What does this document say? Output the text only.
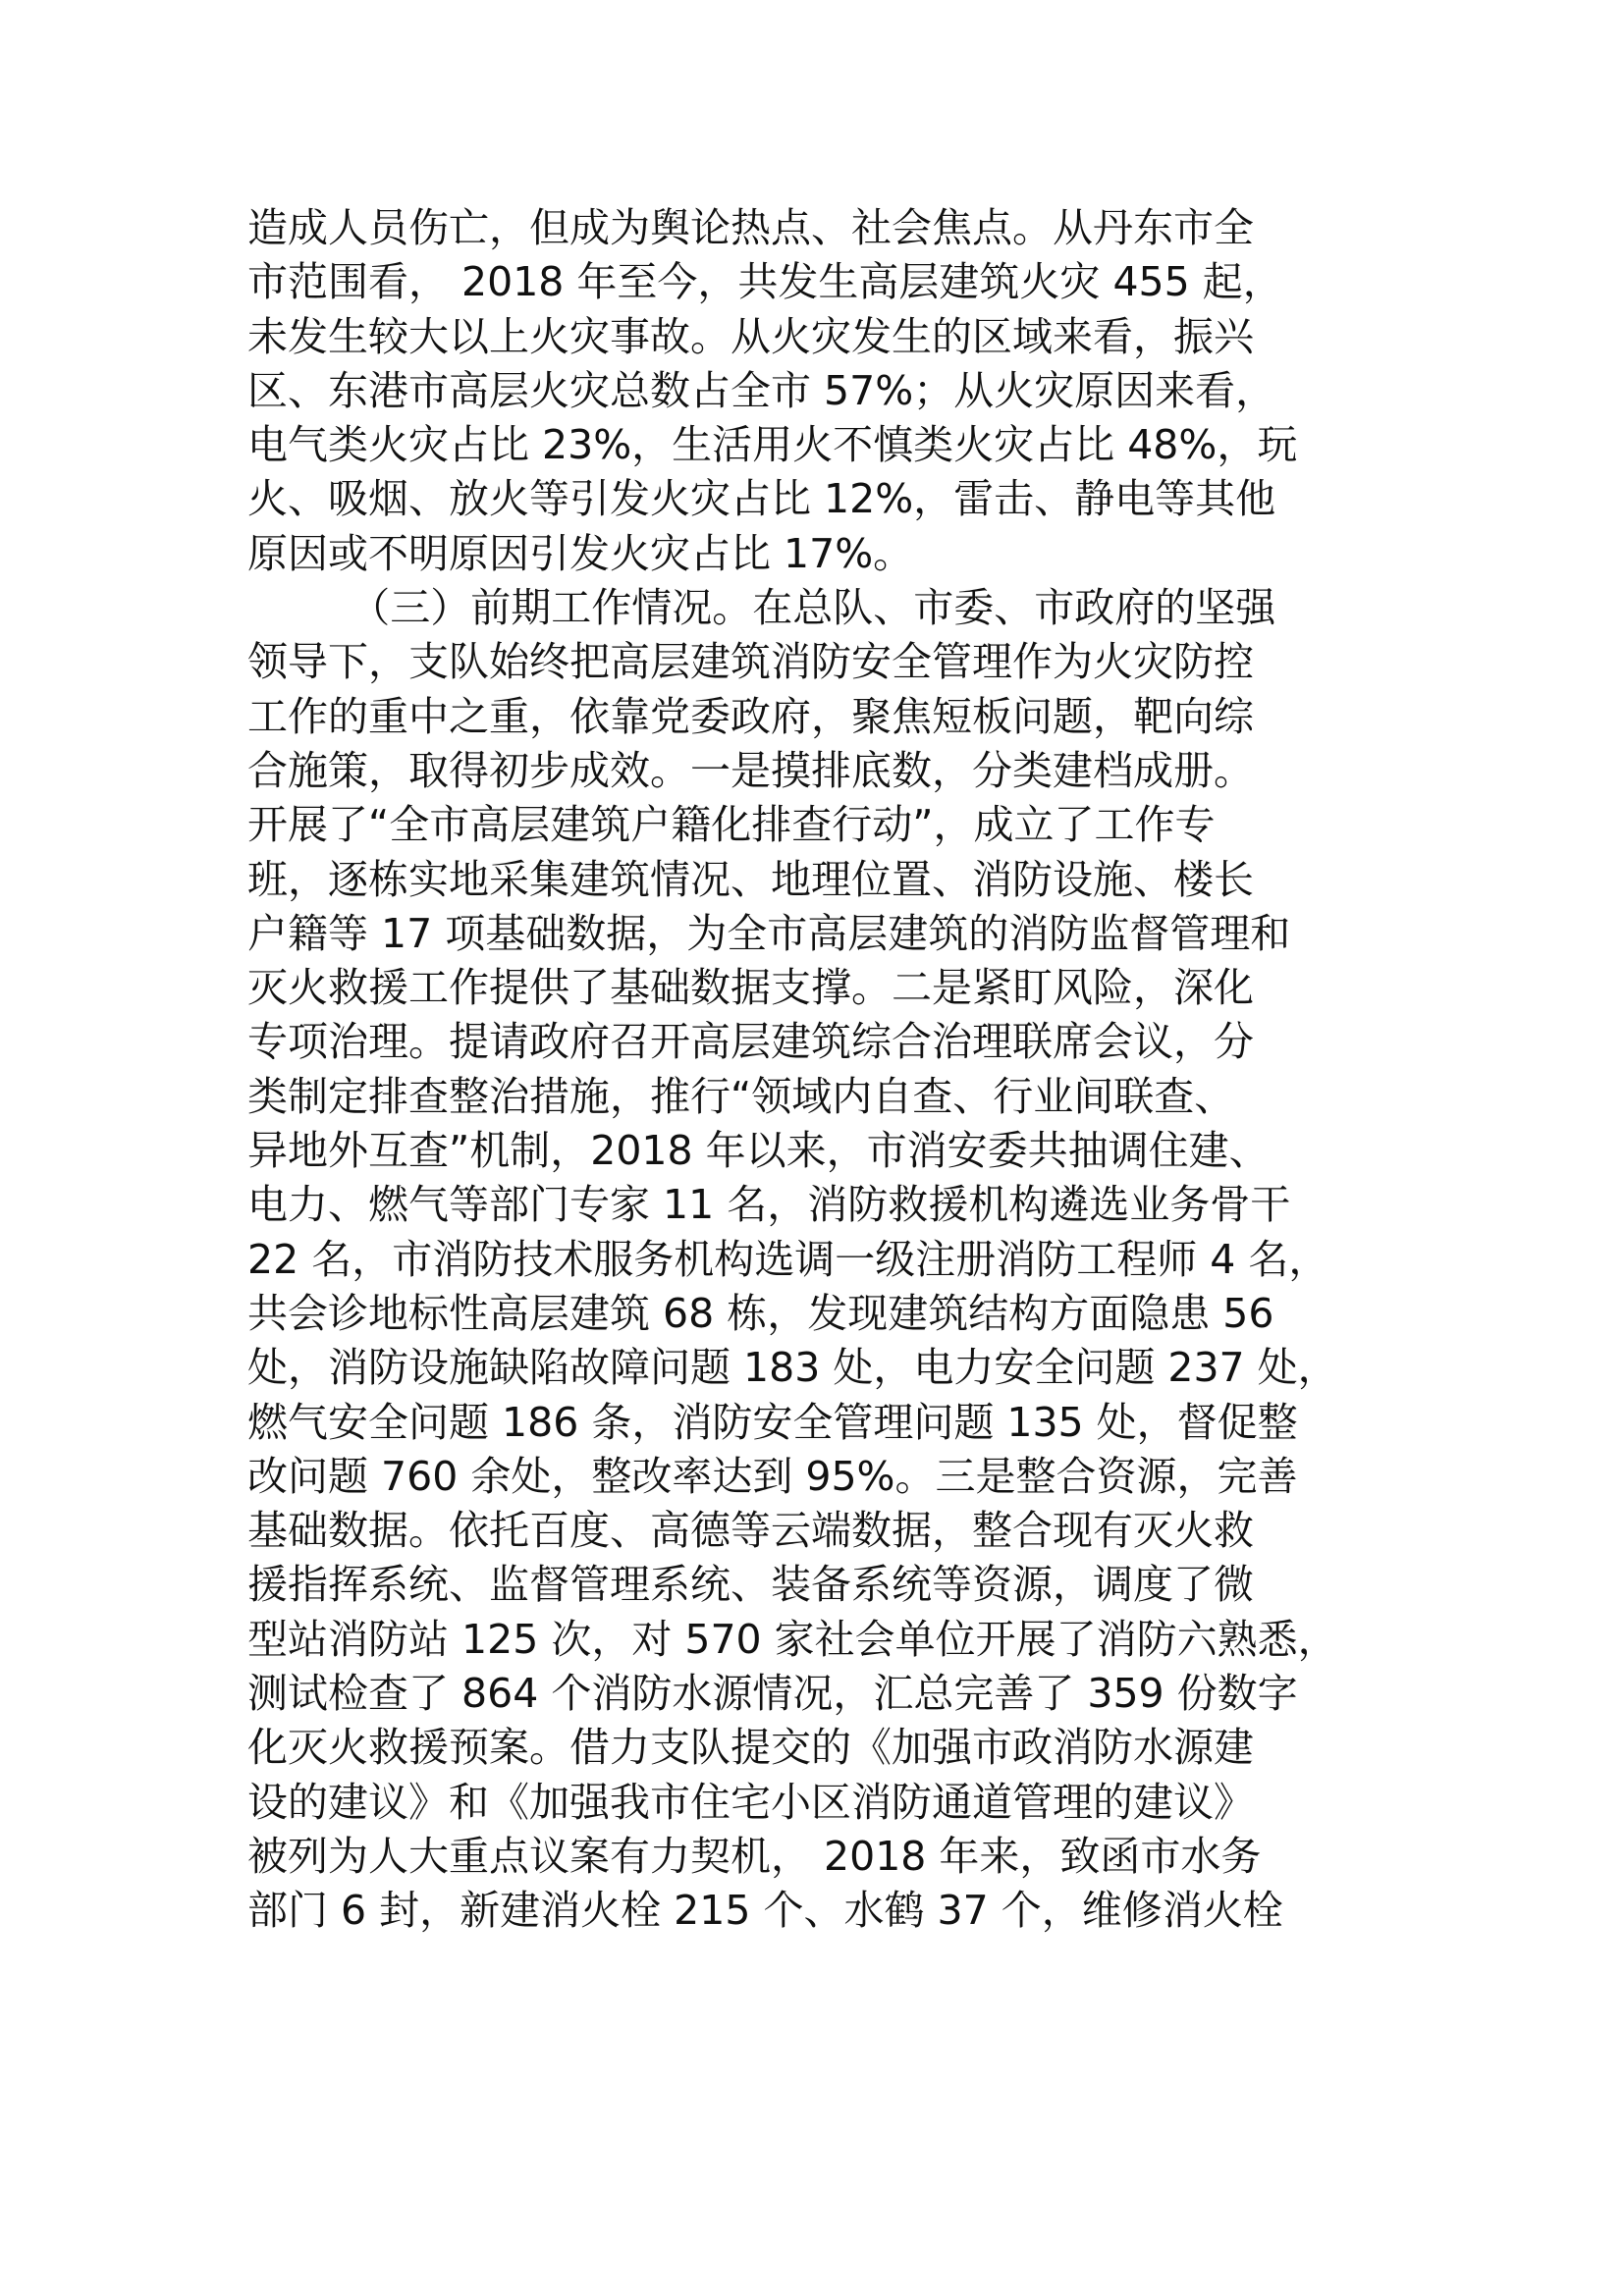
造成人员伤亡，但成为舆论热点、社会焦点。从丹东市全
市范围看， 2018 年至今，共发生高层建筑火灾 455 起，
未发生较大以上火灾事故。从火灾发生的区域来看，振兴
区、东港市高层火灾总数占全市 57%；从火灾原因来看，
电气类火灾占比 23%，生活用火不慎类火灾占比 48%，玩
火、吸烟、放火等引发火灾占比 12%，雷击、静电等其他
原因或不明原因引发火灾占比 17%。
（三）前期工作情况。在总队、市委、市政府的坚强
领导下，支队始终把高层建筑消防安全管理作为火灾防控
工作的重中之重，依靠党委政府，聚焦短板问题，靶向综
合施策，取得初步成效。一是摸排底数，分类建档成册。
开展了“全市高层建筑户籍化排查行动”，成立了工作专
班，逐栋实地采集建筑情况、地理位置、消防设施、楼长
户籍等 17 项基础数据，为全市高层建筑的消防监督管理和
灭火救援工作提供了基础数据支撑。二是紧盯风险，深化
专项治理。提请政府召开高层建筑综合治理联席会议，分
类制定排查整治措施，推行“领域内自查、行业间联查、
异地外互查”机制，2018 年以来，市消安委共抽调住建、
电力、燃气等部门专家 11 名，消防救援机构遴选业务骨干
22 名，市消防技术服务机构选调一级注册消防工程师 4 名，
共会诊地标性高层建筑 68 栋，发现建筑结构方面隐患 56
处，消防设施缺陷故障问题 183 处，电力安全问题 237 处，
燃气安全问题 186 条，消防安全管理问题 135 处，督促整
改问题 760 余处，整改率达到 95%。三是整合资源，完善
基础数据。依托百度、高德等云端数据，整合现有灭火救
援指挥系统、监督管理系统、装备系统等资源，调度了微
型站消防站 125 次，对 570 家社会单位开展了消防六熟悉，
测试检查了 864 个消防水源情况，汇总完善了 359 份数字
化灭火救援预案。借力支队提交的《加强市政消防水源建
设的建议》和《加强我市住宅小区消防通道管理的建议》
被列为人大重点议案有力契机， 2018 年来，致函市水务
部门 6 封，新建消火栓 215 个、水鹤 37 个，维修消火栓
